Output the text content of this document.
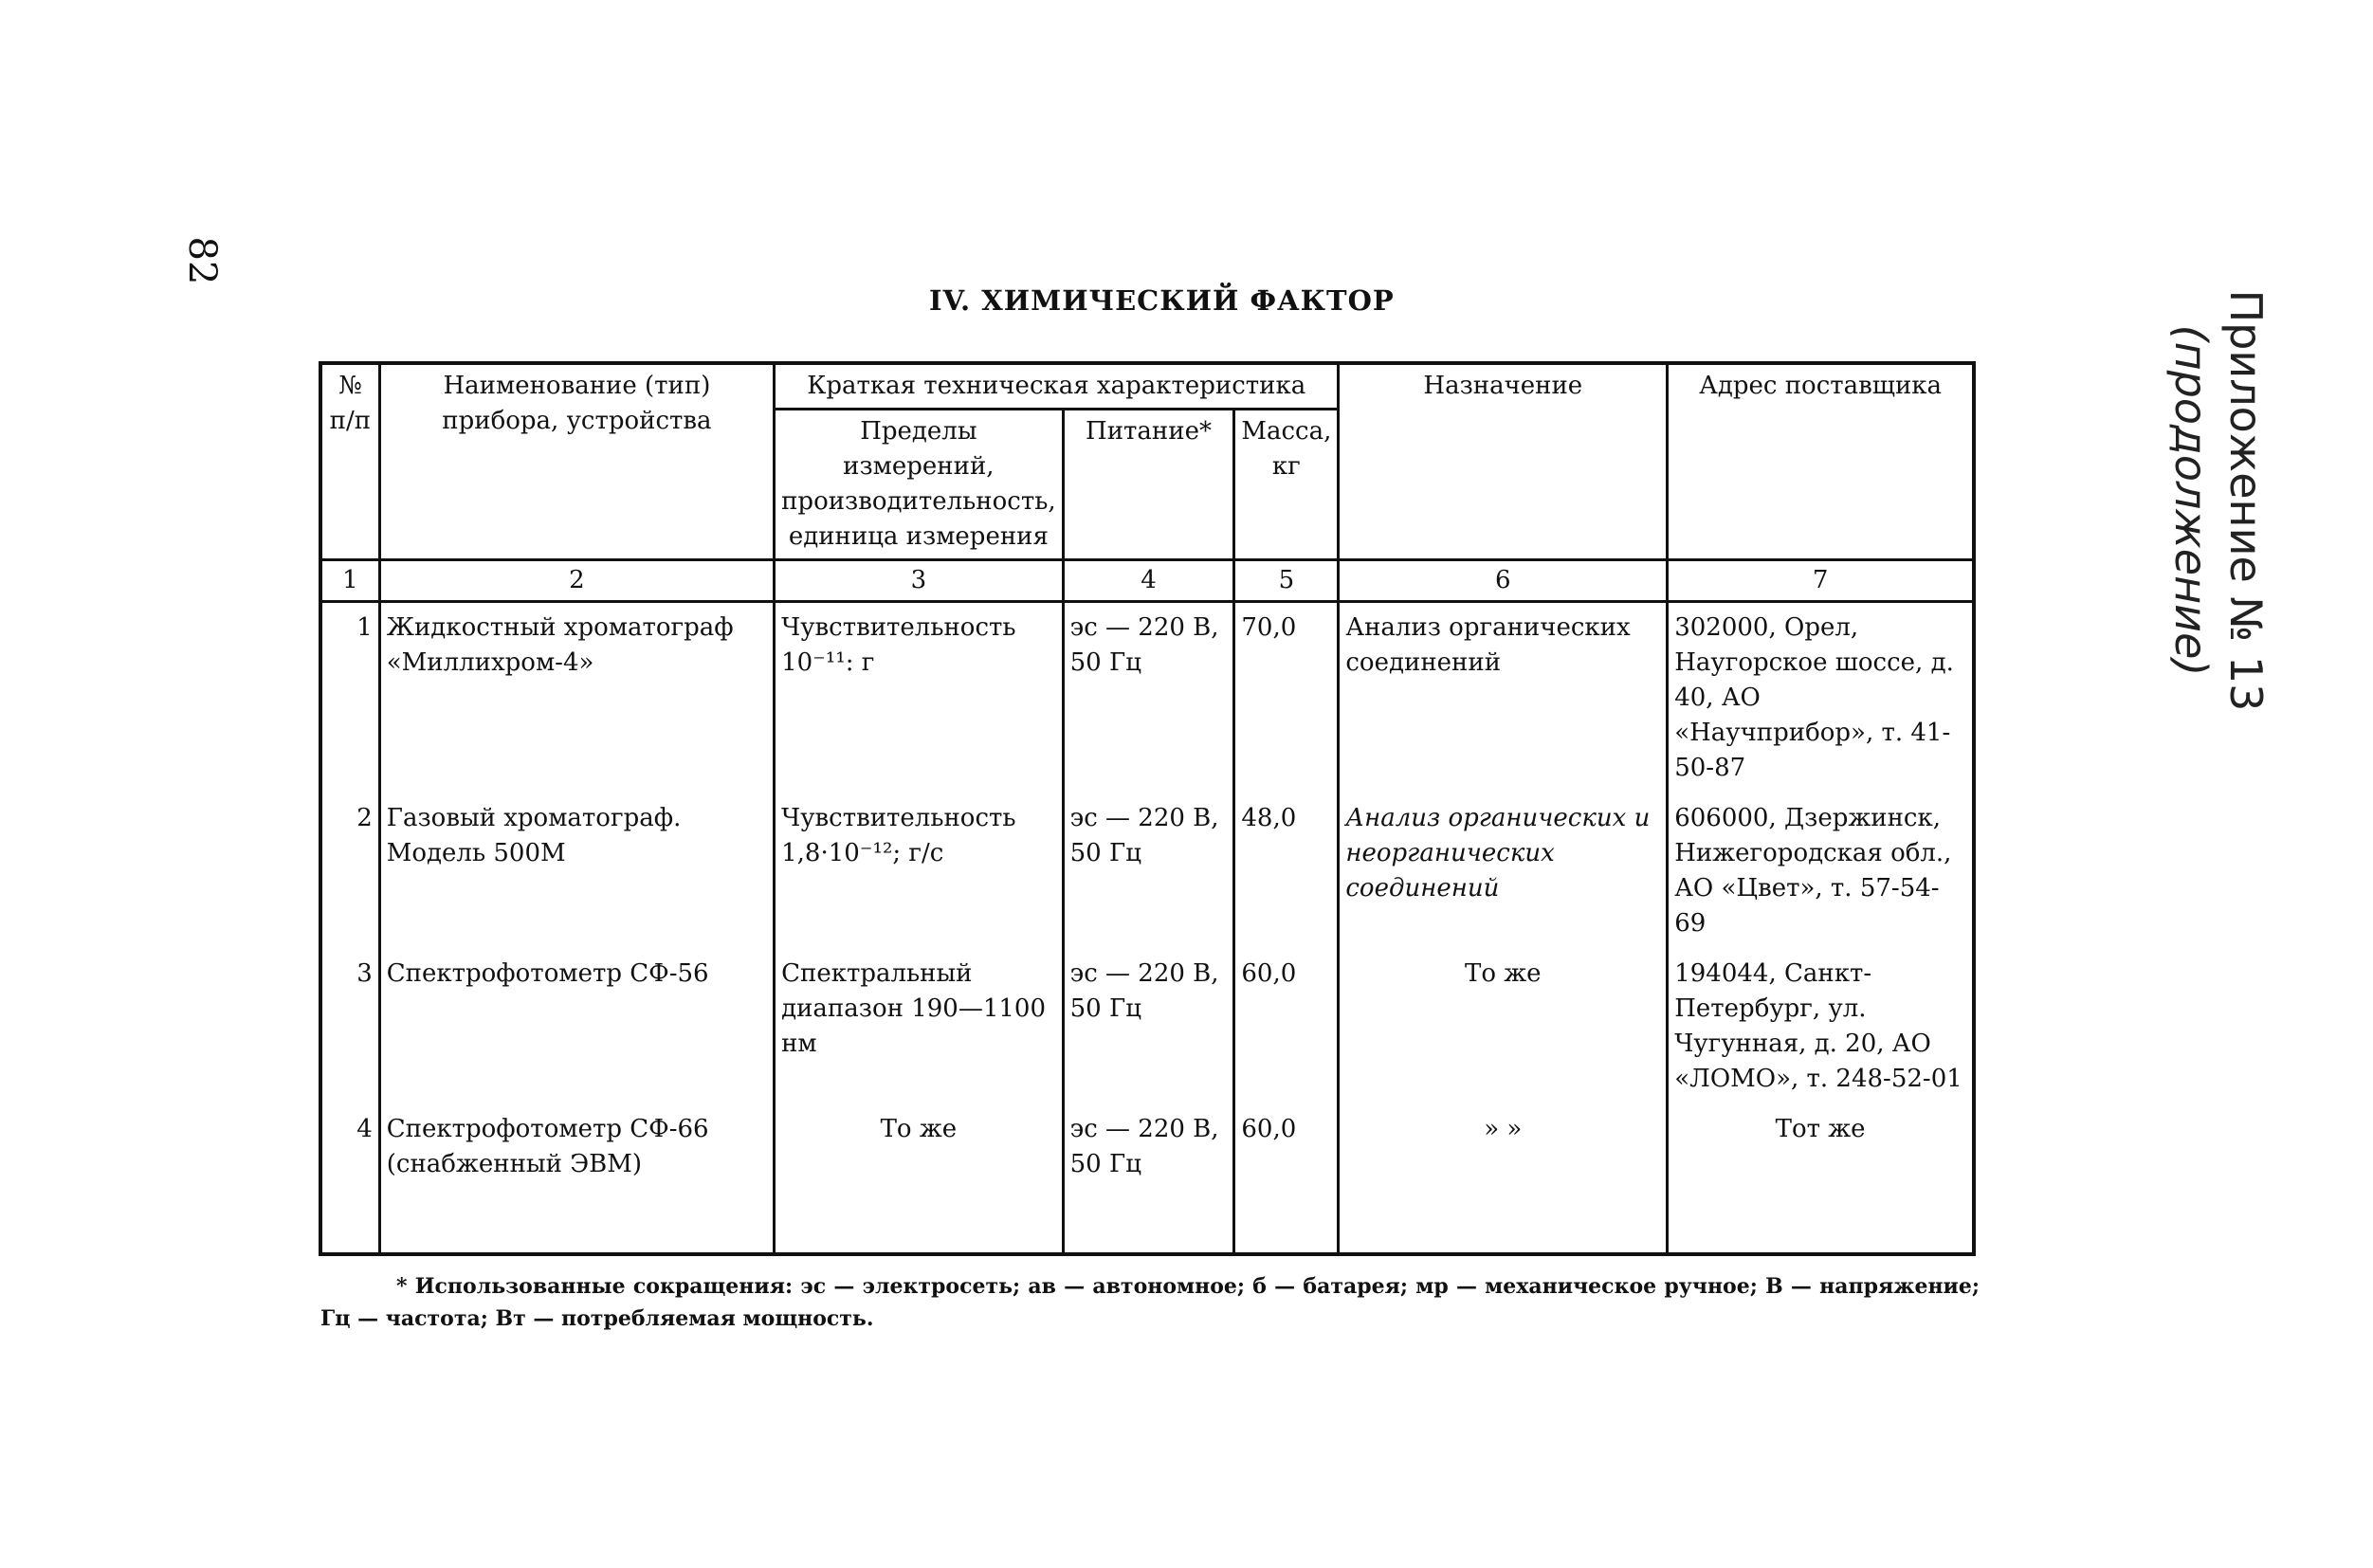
82
Приложение № 13
(продолжение)
IV. ХИМИЧЕСКИЙ ФАКТОР
№ п/п	Наименование (тип) прибора, устройства	Краткая техническая характеристика			Назначение	Адрес поставщика
		Пределы измерений, производительность, единица измерения	Питание*	Масса, кг		
1	2	3	4	5	6	7
1	Жидкостный хроматограф «Миллихром-4»	Чувствительность 10⁻¹¹: г	эс — 220 В, 50 Гц	70,0	Анализ органических соединений	302000, Орел, Наугорское шоссе, д. 40, АО «Научприбор», т. 41-50-87
2	Газовый хроматограф. Модель 500М	Чувствительность 1,8·10⁻¹²; г/с	эс — 220 В, 50 Гц	48,0	Анализ органических и неорганических соединений	606000, Дзержинск, Нижегородская обл., АО «Цвет», т. 57-54-69
3	Спектрофотометр СФ-56	Спектральный диапазон 190—1100 нм	эс — 220 В, 50 Гц	60,0	То же	194044, Санкт-Петербург, ул. Чугунная, д. 20, АО «ЛОМО», т. 248-52-01
4	Спектрофотометр СФ-66 (снабженный ЭВМ)	То же	эс — 220 В, 50 Гц	60,0	» »	Тот же
* Использованные сокращения: эс — электросеть; ав — автономное; б — батарея; мр — механическое ручное; В — напряжение; Гц — частота; Вт — потребляемая мощность.
